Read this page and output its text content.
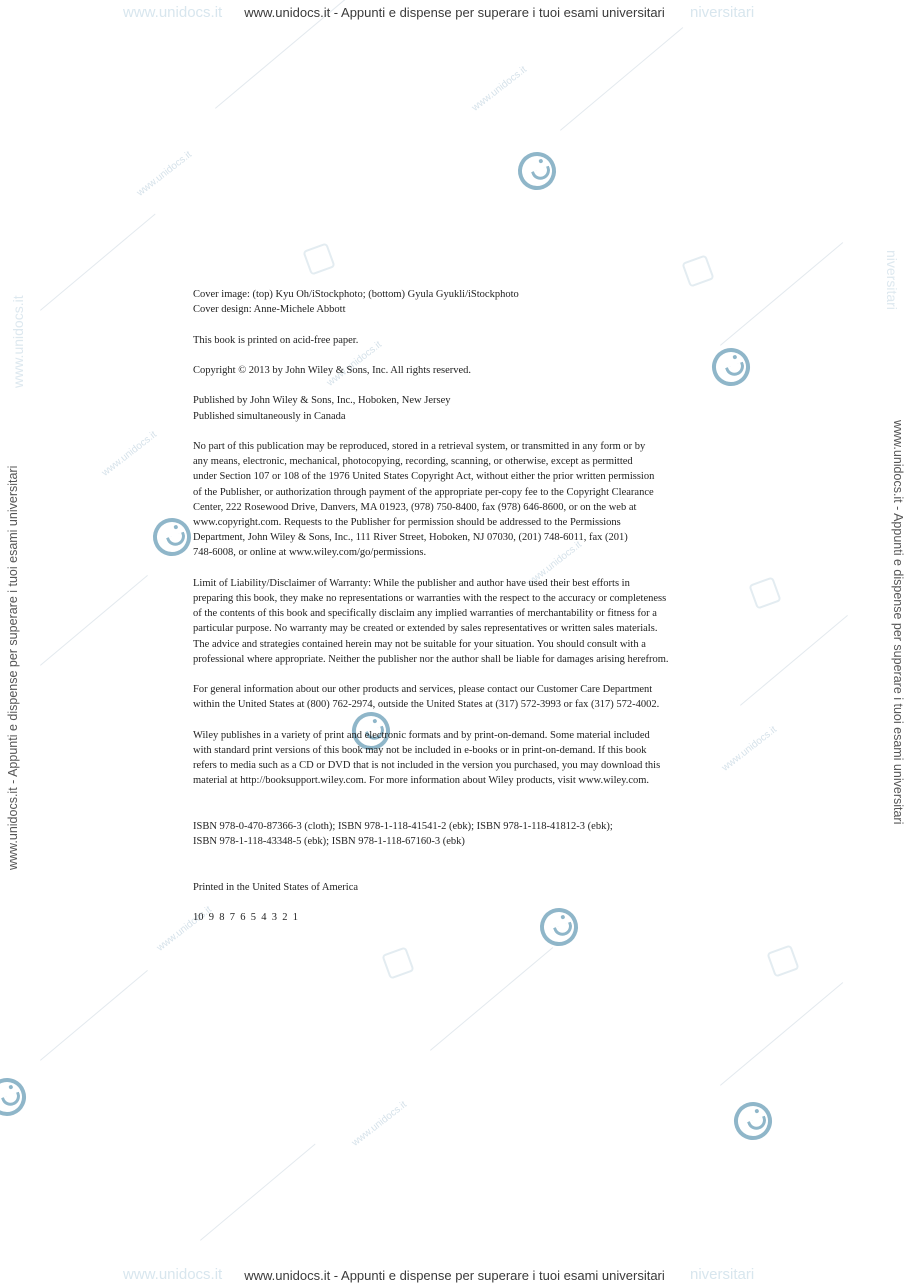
www.unidocs.it
www.unidocs.it
www.unidocs.it
www.unidocs.it
www.unidocs.it
www.unidocs.it
www.unidocs.it
www.unidocs.it
www.unidocs.it	niversitari
www.unidocs.it - Appunti e dispense per superare i tuoi esami universitari
www.unidocs.it	niversitari
www.unidocs.it - Appunti e dispense per superare i tuoi esami universitari
www.unidocs.it
www.unidocs.it - Appunti e dispense per superare i tuoi esami universitari	www.unidocs.it - Appunti e dispense per superare i tuoi esami universitari
niversitari

Cover image: (top) Kyu Oh/iStockphoto; (bottom) Gyula Gyukli/iStockphoto
Cover design: Anne-Michele Abbott

This book is printed on acid-free paper.

Copyright © 2013 by John Wiley & Sons, Inc. All rights reserved.

Published by John Wiley & Sons, Inc., Hoboken, New Jersey
Published simultaneously in Canada

No part of this publication may be reproduced, stored in a retrieval system, or transmitted in any form or by
any means, electronic, mechanical, photocopying, recording, scanning, or otherwise, except as permitted
under Section 107 or 108 of the 1976 United States Copyright Act, without either the prior written permission
of the Publisher, or authorization through payment of the appropriate per-copy fee to the Copyright Clearance
Center, 222 Rosewood Drive, Danvers, MA 01923, (978) 750-8400, fax (978) 646-8600, or on the web at
www.copyright.com. Requests to the Publisher for permission should be addressed to the Permissions
Department, John Wiley & Sons, Inc., 111 River Street, Hoboken, NJ 07030, (201) 748-6011, fax (201)
748-6008, or online at www.wiley.com/go/permissions.

Limit of Liability/Disclaimer of Warranty: While the publisher and author have used their best efforts in
preparing this book, they make no representations or warranties with the respect to the accuracy or completeness
of the contents of this book and specifically disclaim any implied warranties of merchantability or fitness for a
particular purpose. No warranty may be created or extended by sales representatives or written sales materials.
The advice and strategies contained herein may not be suitable for your situation. You should consult with a
professional where appropriate. Neither the publisher nor the author shall be liable for damages arising herefrom.

For general information about our other products and services, please contact our Customer Care Department
within the United States at (800) 762-2974, outside the United States at (317) 572-3993 or fax (317) 572-4002.

Wiley publishes in a variety of print and electronic formats and by print-on-demand. Some material included
with standard print versions of this book may not be included in e-books or in print-on-demand. If this book
refers to media such as a CD or DVD that is not included in the version you purchased, you may download this
material at http://booksupport.wiley.com. For more information about Wiley products, visit www.wiley.com.

ISBN 978-0-470-87366-3 (cloth); ISBN 978-1-118-41541-2 (ebk); ISBN 978-1-118-41812-3 (ebk);
ISBN 978-1-118-43348-5 (ebk); ISBN 978-1-118-67160-3 (ebk)

Printed in the United States of America

10  9  8  7  6  5  4  3  2  1
